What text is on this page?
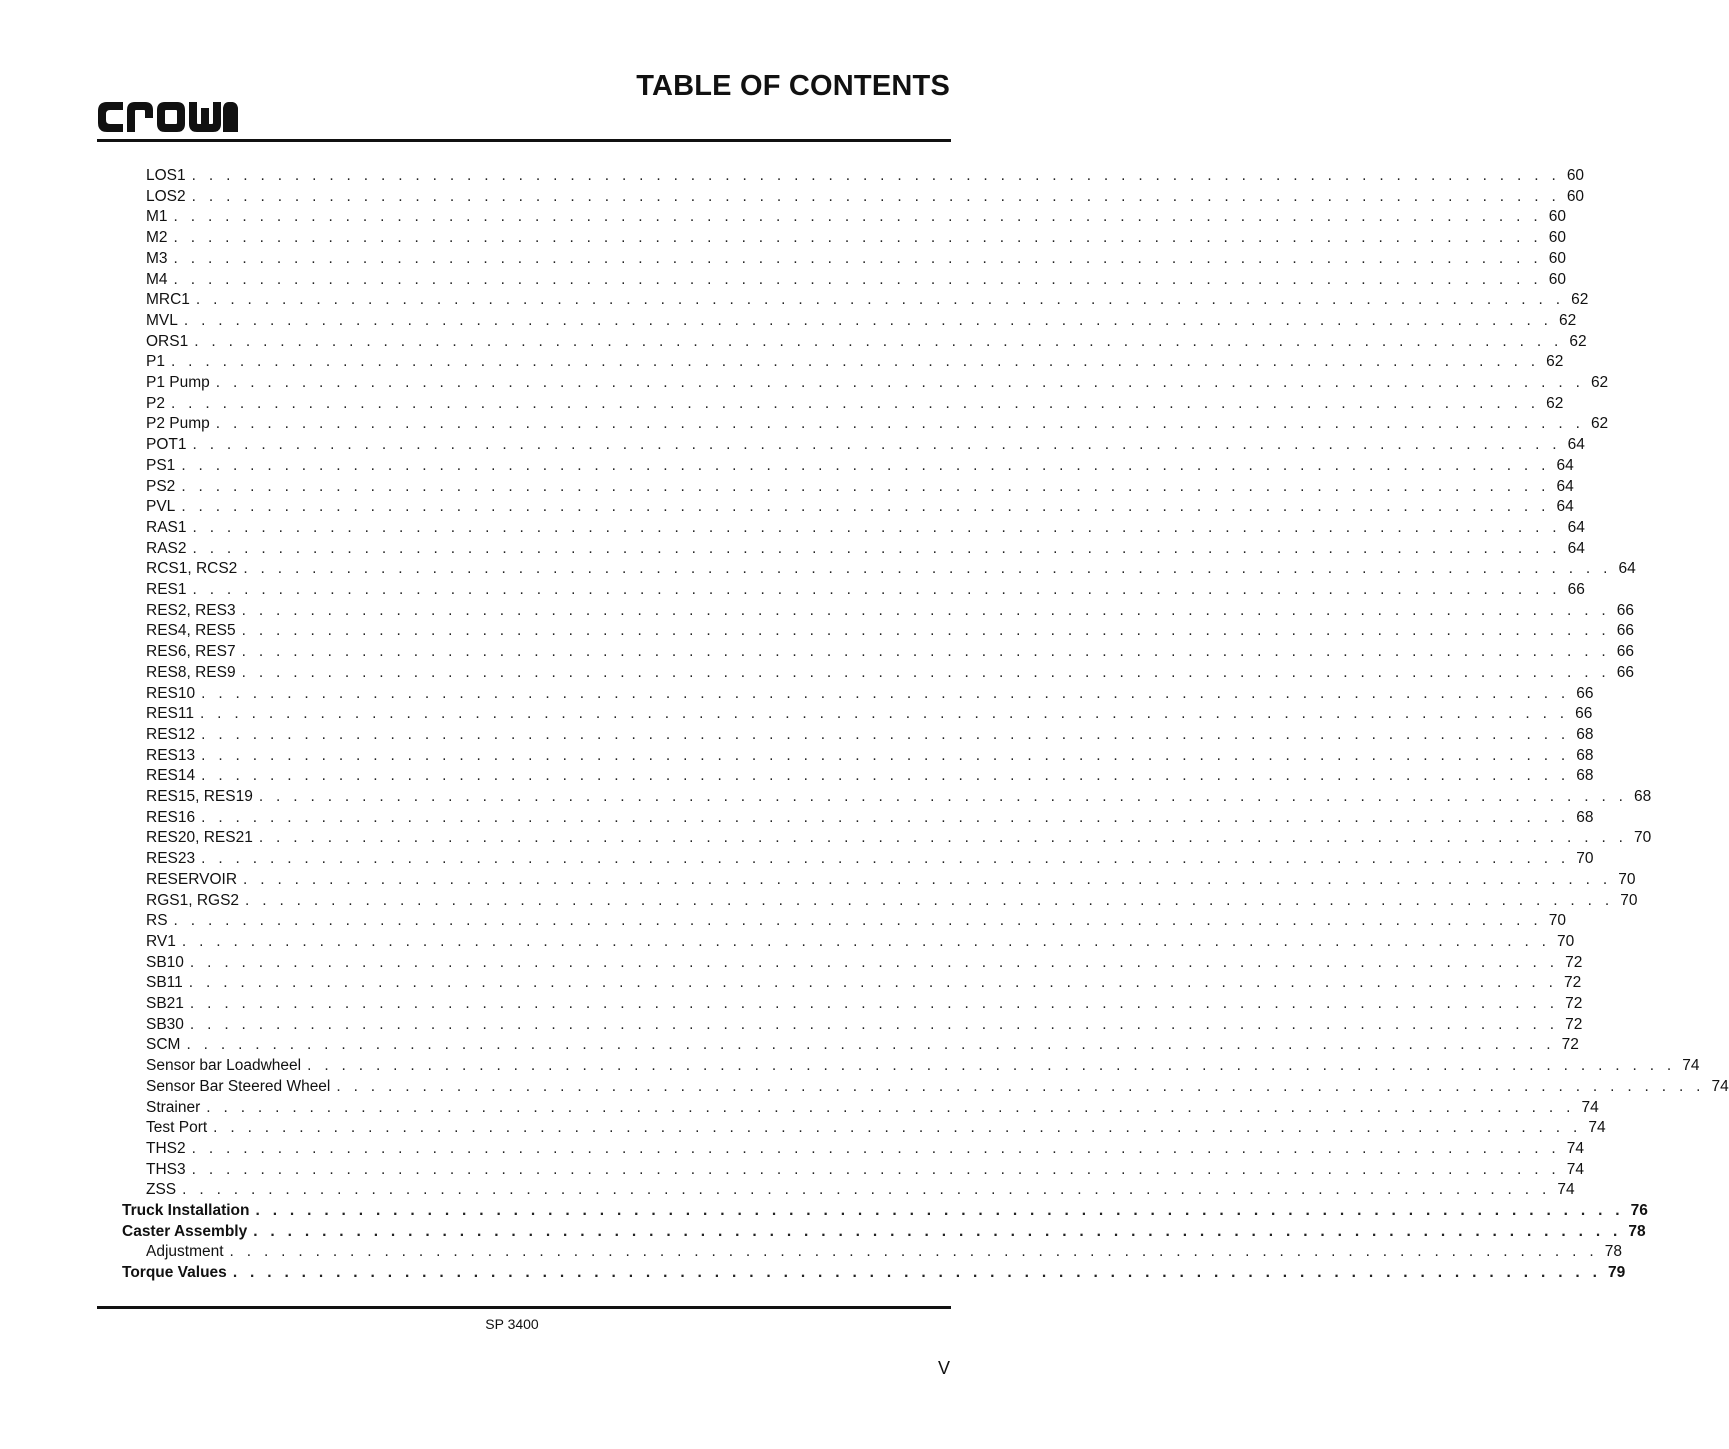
TABLE OF CONTENTS
LOS1 . . . . . . . . . . . . . . . . . . . . . . . . . . . . . . . . . . . . . . . . . . . . . . . . . . . . . . . . . . . . . . . . . . . . . . . . . . . . . . . . 60
LOS2 . . . . . . . . . . . . . . . . . . . . . . . . . . . . . . . . . . . . . . . . . . . . . . . . . . . . . . . . . . . . . . . . . . . . . . . . . . . . . . . . 60
M1 . . . . . . . . . . . . . . . . . . . . . . . . . . . . . . . . . . . . . . . . . . . . . . . . . . . . . . . . . . . . . . . . . . . . . . . . . . . . . . . . 60
M2 . . . . . . . . . . . . . . . . . . . . . . . . . . . . . . . . . . . . . . . . . . . . . . . . . . . . . . . . . . . . . . . . . . . . . . . . . . . . . . . . 60
M3 . . . . . . . . . . . . . . . . . . . . . . . . . . . . . . . . . . . . . . . . . . . . . . . . . . . . . . . . . . . . . . . . . . . . . . . . . . . . . . . . 60
M4 . . . . . . . . . . . . . . . . . . . . . . . . . . . . . . . . . . . . . . . . . . . . . . . . . . . . . . . . . . . . . . . . . . . . . . . . . . . . . . . . 60
MRC1 . . . . . . . . . . . . . . . . . . . . . . . . . . . . . . . . . . . . . . . . . . . . . . . . . . . . . . . . . . . . . . . . . . . . . . . . . . . . . . . . 62
MVL . . . . . . . . . . . . . . . . . . . . . . . . . . . . . . . . . . . . . . . . . . . . . . . . . . . . . . . . . . . . . . . . . . . . . . . . . . . . . . . . 62
ORS1 . . . . . . . . . . . . . . . . . . . . . . . . . . . . . . . . . . . . . . . . . . . . . . . . . . . . . . . . . . . . . . . . . . . . . . . . . . . . . . . . 62
P1 . . . . . . . . . . . . . . . . . . . . . . . . . . . . . . . . . . . . . . . . . . . . . . . . . . . . . . . . . . . . . . . . . . . . . . . . . . . . . . . . 62
P1 Pump . . . . . . . . . . . . . . . . . . . . . . . . . . . . . . . . . . . . . . . . . . . . . . . . . . . . . . . . . . . . . . . . . . . . . . . . . . . . . . . . 62
P2 . . . . . . . . . . . . . . . . . . . . . . . . . . . . . . . . . . . . . . . . . . . . . . . . . . . . . . . . . . . . . . . . . . . . . . . . . . . . . . . . 62
P2 Pump . . . . . . . . . . . . . . . . . . . . . . . . . . . . . . . . . . . . . . . . . . . . . . . . . . . . . . . . . . . . . . . . . . . . . . . . . . . . . . . . 62
POT1 . . . . . . . . . . . . . . . . . . . . . . . . . . . . . . . . . . . . . . . . . . . . . . . . . . . . . . . . . . . . . . . . . . . . . . . . . . . . . . . . 64
PS1 . . . . . . . . . . . . . . . . . . . . . . . . . . . . . . . . . . . . . . . . . . . . . . . . . . . . . . . . . . . . . . . . . . . . . . . . . . . . . . . . 64
PS2 . . . . . . . . . . . . . . . . . . . . . . . . . . . . . . . . . . . . . . . . . . . . . . . . . . . . . . . . . . . . . . . . . . . . . . . . . . . . . . . . 64
PVL . . . . . . . . . . . . . . . . . . . . . . . . . . . . . . . . . . . . . . . . . . . . . . . . . . . . . . . . . . . . . . . . . . . . . . . . . . . . . . . . 64
RAS1 . . . . . . . . . . . . . . . . . . . . . . . . . . . . . . . . . . . . . . . . . . . . . . . . . . . . . . . . . . . . . . . . . . . . . . . . . . . . . . . . 64
RAS2 . . . . . . . . . . . . . . . . . . . . . . . . . . . . . . . . . . . . . . . . . . . . . . . . . . . . . . . . . . . . . . . . . . . . . . . . . . . . . . . . 64
RCS1, RCS2 . . . . . . . . . . . . . . . . . . . . . . . . . . . . . . . . . . . . . . . . . . . . . . . . . . . . . . . . . . . . . . . . . . . . . . . . . . . . . . . . 64
RES1 . . . . . . . . . . . . . . . . . . . . . . . . . . . . . . . . . . . . . . . . . . . . . . . . . . . . . . . . . . . . . . . . . . . . . . . . . . . . . . . . 66
RES2, RES3 . . . . . . . . . . . . . . . . . . . . . . . . . . . . . . . . . . . . . . . . . . . . . . . . . . . . . . . . . . . . . . . . . . . . . . . . . . . . . . . . 66
RES4, RES5 . . . . . . . . . . . . . . . . . . . . . . . . . . . . . . . . . . . . . . . . . . . . . . . . . . . . . . . . . . . . . . . . . . . . . . . . . . . . . . . . 66
RES6, RES7 . . . . . . . . . . . . . . . . . . . . . . . . . . . . . . . . . . . . . . . . . . . . . . . . . . . . . . . . . . . . . . . . . . . . . . . . . . . . . . . . 66
RES8, RES9 . . . . . . . . . . . . . . . . . . . . . . . . . . . . . . . . . . . . . . . . . . . . . . . . . . . . . . . . . . . . . . . . . . . . . . . . . . . . . . . . 66
RES10 . . . . . . . . . . . . . . . . . . . . . . . . . . . . . . . . . . . . . . . . . . . . . . . . . . . . . . . . . . . . . . . . . . . . . . . . . . . . . . . . 66
RES11 . . . . . . . . . . . . . . . . . . . . . . . . . . . . . . . . . . . . . . . . . . . . . . . . . . . . . . . . . . . . . . . . . . . . . . . . . . . . . . . . 66
RES12 . . . . . . . . . . . . . . . . . . . . . . . . . . . . . . . . . . . . . . . . . . . . . . . . . . . . . . . . . . . . . . . . . . . . . . . . . . . . . . . . 68
RES13 . . . . . . . . . . . . . . . . . . . . . . . . . . . . . . . . . . . . . . . . . . . . . . . . . . . . . . . . . . . . . . . . . . . . . . . . . . . . . . . . 68
RES14 . . . . . . . . . . . . . . . . . . . . . . . . . . . . . . . . . . . . . . . . . . . . . . . . . . . . . . . . . . . . . . . . . . . . . . . . . . . . . . . . 68
RES15, RES19 . . . . . . . . . . . . . . . . . . . . . . . . . . . . . . . . . . . . . . . . . . . . . . . . . . . . . . . . . . . . . . . . . . . . . . . . . . . . . . . . 68
RES16 . . . . . . . . . . . . . . . . . . . . . . . . . . . . . . . . . . . . . . . . . . . . . . . . . . . . . . . . . . . . . . . . . . . . . . . . . . . . . . . . 68
RES20, RES21 . . . . . . . . . . . . . . . . . . . . . . . . . . . . . . . . . . . . . . . . . . . . . . . . . . . . . . . . . . . . . . . . . . . . . . . . . . . . . . . . 70
RES23 . . . . . . . . . . . . . . . . . . . . . . . . . . . . . . . . . . . . . . . . . . . . . . . . . . . . . . . . . . . . . . . . . . . . . . . . . . . . . . . . 70
RESERVOIR . . . . . . . . . . . . . . . . . . . . . . . . . . . . . . . . . . . . . . . . . . . . . . . . . . . . . . . . . . . . . . . . . . . . . . . . . . . . . . . . 70
RGS1, RGS2 . . . . . . . . . . . . . . . . . . . . . . . . . . . . . . . . . . . . . . . . . . . . . . . . . . . . . . . . . . . . . . . . . . . . . . . . . . . . . . . . 70
RS . . . . . . . . . . . . . . . . . . . . . . . . . . . . . . . . . . . . . . . . . . . . . . . . . . . . . . . . . . . . . . . . . . . . . . . . . . . . . . . . 70
RV1 . . . . . . . . . . . . . . . . . . . . . . . . . . . . . . . . . . . . . . . . . . . . . . . . . . . . . . . . . . . . . . . . . . . . . . . . . . . . . . . . 70
SB10 . . . . . . . . . . . . . . . . . . . . . . . . . . . . . . . . . . . . . . . . . . . . . . . . . . . . . . . . . . . . . . . . . . . . . . . . . . . . . . . . 72
SB11 . . . . . . . . . . . . . . . . . . . . . . . . . . . . . . . . . . . . . . . . . . . . . . . . . . . . . . . . . . . . . . . . . . . . . . . . . . . . . . . . 72
SB21 . . . . . . . . . . . . . . . . . . . . . . . . . . . . . . . . . . . . . . . . . . . . . . . . . . . . . . . . . . . . . . . . . . . . . . . . . . . . . . . . 72
SB30 . . . . . . . . . . . . . . . . . . . . . . . . . . . . . . . . . . . . . . . . . . . . . . . . . . . . . . . . . . . . . . . . . . . . . . . . . . . . . . . . 72
SCM . . . . . . . . . . . . . . . . . . . . . . . . . . . . . . . . . . . . . . . . . . . . . . . . . . . . . . . . . . . . . . . . . . . . . . . . . . . . . . . . 72
Sensor bar Loadwheel . . . . . . . . . . . . . . . . . . . . . . . . . . . . . . . . . . . . . . . . . . . . . . . . . . . . . . . . . . . . . . . . . . . . . . . . . . . . . . . . 74
Sensor Bar Steered Wheel . . . . . . . . . . . . . . . . . . . . . . . . . . . . . . . . . . . . . . . . . . . . . . . . . . . . . . . . . . . . . . . . . . . . . . . . . . . . . . . . 74
Strainer . . . . . . . . . . . . . . . . . . . . . . . . . . . . . . . . . . . . . . . . . . . . . . . . . . . . . . . . . . . . . . . . . . . . . . . . . . . . . . . . 74
Test Port . . . . . . . . . . . . . . . . . . . . . . . . . . . . . . . . . . . . . . . . . . . . . . . . . . . . . . . . . . . . . . . . . . . . . . . . . . . . . . . . 74
THS2 . . . . . . . . . . . . . . . . . . . . . . . . . . . . . . . . . . . . . . . . . . . . . . . . . . . . . . . . . . . . . . . . . . . . . . . . . . . . . . . . 74
THS3 . . . . . . . . . . . . . . . . . . . . . . . . . . . . . . . . . . . . . . . . . . . . . . . . . . . . . . . . . . . . . . . . . . . . . . . . . . . . . . . . 74
ZSS . . . . . . . . . . . . . . . . . . . . . . . . . . . . . . . . . . . . . . . . . . . . . . . . . . . . . . . . . . . . . . . . . . . . . . . . . . . . . . . . 74
Truck Installation . . . . . . . . . . . . . . . . . . . . . . . . . . . . . . . . . . . . . . . . . . . . . . . . . . . . . . . . . . . . . . . . . . . . . . . . . . . . . . . . 76
Caster Assembly . . . . . . . . . . . . . . . . . . . . . . . . . . . . . . . . . . . . . . . . . . . . . . . . . . . . . . . . . . . . . . . . . . . . . . . . . . . . . . . . 78
Adjustment . . . . . . . . . . . . . . . . . . . . . . . . . . . . . . . . . . . . . . . . . . . . . . . . . . . . . . . . . . . . . . . . . . . . . . . . . . . . . . . . 78
Torque Values . . . . . . . . . . . . . . . . . . . . . . . . . . . . . . . . . . . . . . . . . . . . . . . . . . . . . . . . . . . . . . . . . . . . . . . . . . . . . . . . 79
SP 3400
V
